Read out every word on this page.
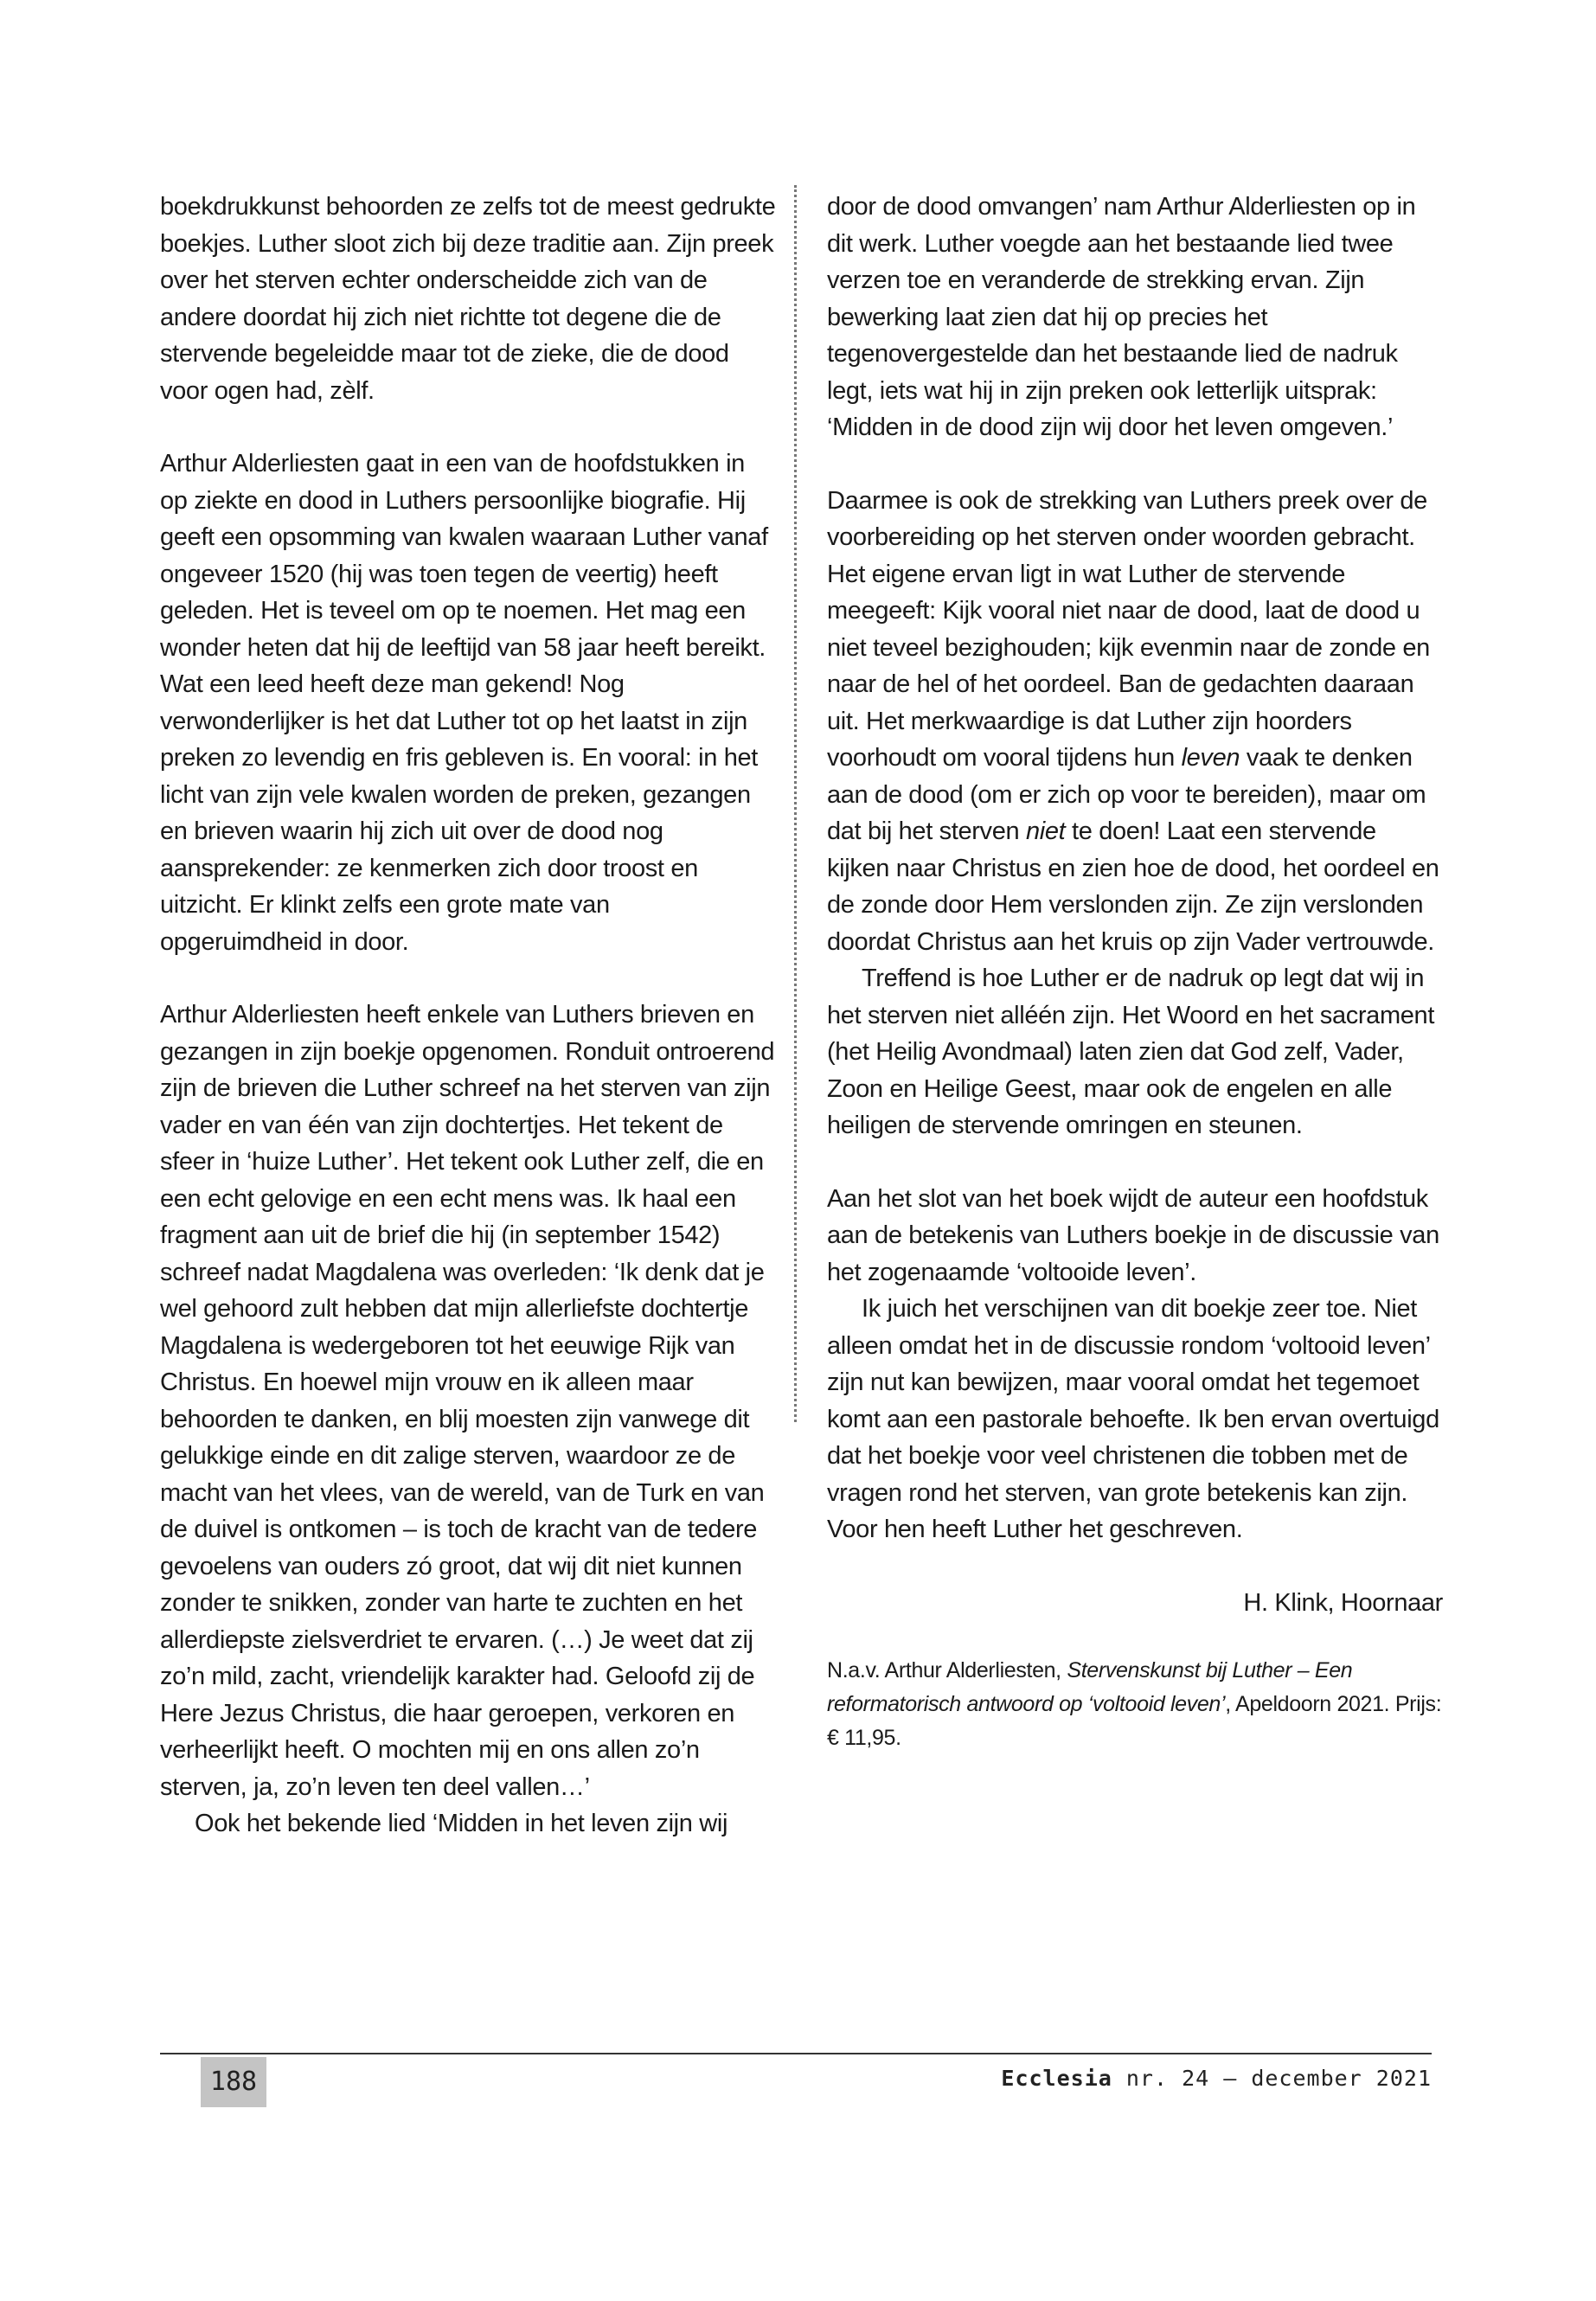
boekdrukkunst behoorden ze zelfs tot de meest gedrukte boekjes. Luther sloot zich bij deze traditie aan. Zijn preek over het sterven echter onderscheidde zich van de andere doordat hij zich niet richtte tot degene die de stervende begeleidde maar tot de zieke, die de dood voor ogen had, zèlf.

Arthur Alderliesten gaat in een van de hoofdstukken in op ziekte en dood in Luthers persoonlijke biografie. Hij geeft een opsomming van kwalen waaraan Luther vanaf ongeveer 1520 (hij was toen tegen de veertig) heeft geleden. Het is teveel om op te noemen. Het mag een wonder heten dat hij de leeftijd van 58 jaar heeft bereikt. Wat een leed heeft deze man gekend! Nog verwonderlijker is het dat Luther tot op het laatst in zijn preken zo levendig en fris gebleven is. En vooral: in het licht van zijn vele kwalen worden de preken, gezangen en brieven waarin hij zich uit over de dood nog aansprekender: ze kenmerken zich door troost en uitzicht. Er klinkt zelfs een grote mate van opgeruimdheid in door.

Arthur Alderliesten heeft enkele van Luthers brieven en gezangen in zijn boekje opgenomen. Ronduit ontroerend zijn de brieven die Luther schreef na het sterven van zijn vader en van één van zijn dochtertjes. Het tekent de sfeer in ‘huize Luther’. Het tekent ook Luther zelf, die en een echt gelovige en een echt mens was. Ik haal een fragment aan uit de brief die hij (in september 1542) schreef nadat Magdalena was overleden: ‘Ik denk dat je wel gehoord zult hebben dat mijn allerliefste dochtertje Magdalena is wedergeboren tot het eeuwige Rijk van Christus. En hoewel mijn vrouw en ik alleen maar behoorden te danken, en blij moesten zijn vanwege dit gelukkige einde en dit zalige sterven, waardoor ze de macht van het vlees, van de wereld, van de Turk en van de duivel is ontkomen – is toch de kracht van de tedere gevoelens van ouders zó groot, dat wij dit niet kunnen zonder te snikken, zonder van harte te zuchten en het allerdiepste zielsverdriet te ervaren. (…) Je weet dat zij zo’n mild, zacht, vriendelijk karakter had. Geloofd zij de Here Jezus Christus, die haar geroepen, verkoren en verheerlijkt heeft. O mochten mij en ons allen zo’n sterven, ja, zo’n leven ten deel vallen…’

Ook het bekende lied ‘Midden in het leven zijn wij

door de dood omvangen’ nam Arthur Alderliesten op in dit werk. Luther voegde aan het bestaande lied twee verzen toe en veranderde de strekking ervan. Zijn bewerking laat zien dat hij op precies het tegenovergestelde dan het bestaande lied de nadruk legt, iets wat hij in zijn preken ook letterlijk uitsprak: ‘Midden in de dood zijn wij door het leven omgeven.’

Daarmee is ook de strekking van Luthers preek over de voorbereiding op het sterven onder woorden gebracht. Het eigene ervan ligt in wat Luther de stervende meegeeft: Kijk vooral niet naar de dood, laat de dood u niet teveel bezighouden; kijk evenmin naar de zonde en naar de hel of het oordeel. Ban de gedachten daaraan uit. Het merkwaardige is dat Luther zijn hoorders voorhoudt om vooral tijdens hun leven vaak te denken aan de dood (om er zich op voor te bereiden), maar om dat bij het sterven niet te doen! Laat een stervende kijken naar Christus en zien hoe de dood, het oordeel en de zonde door Hem verslonden zijn. Ze zijn verslonden doordat Christus aan het kruis op zijn Vader vertrouwde.

Treffend is hoe Luther er de nadruk op legt dat wij in het sterven niet alléén zijn. Het Woord en het sacrament (het Heilig Avondmaal) laten zien dat God zelf, Vader, Zoon en Heilige Geest, maar ook de engelen en alle heiligen de stervende omringen en steunen.

Aan het slot van het boek wijdt de auteur een hoofdstuk aan de betekenis van Luthers boekje in de discussie van het zogenaamde ‘voltooide leven’.

Ik juich het verschijnen van dit boekje zeer toe. Niet alleen omdat het in de discussie rondom ‘voltooid leven’ zijn nut kan bewijzen, maar vooral omdat het tegemoet komt aan een pastorale behoefte. Ik ben ervan overtuigd dat het boekje voor veel christenen die tobben met de vragen rond het sterven, van grote betekenis kan zijn. Voor hen heeft Luther het geschreven.

H. Klink, Hoornaar

N.a.v. Arthur Alderliesten, Stervenskunst bij Luther – Een reformatorisch antwoord op ‘voltooid leven’, Apeldoorn 2021. Prijs: € 11,95.

188	Ecclesia nr. 24 – december 2021
